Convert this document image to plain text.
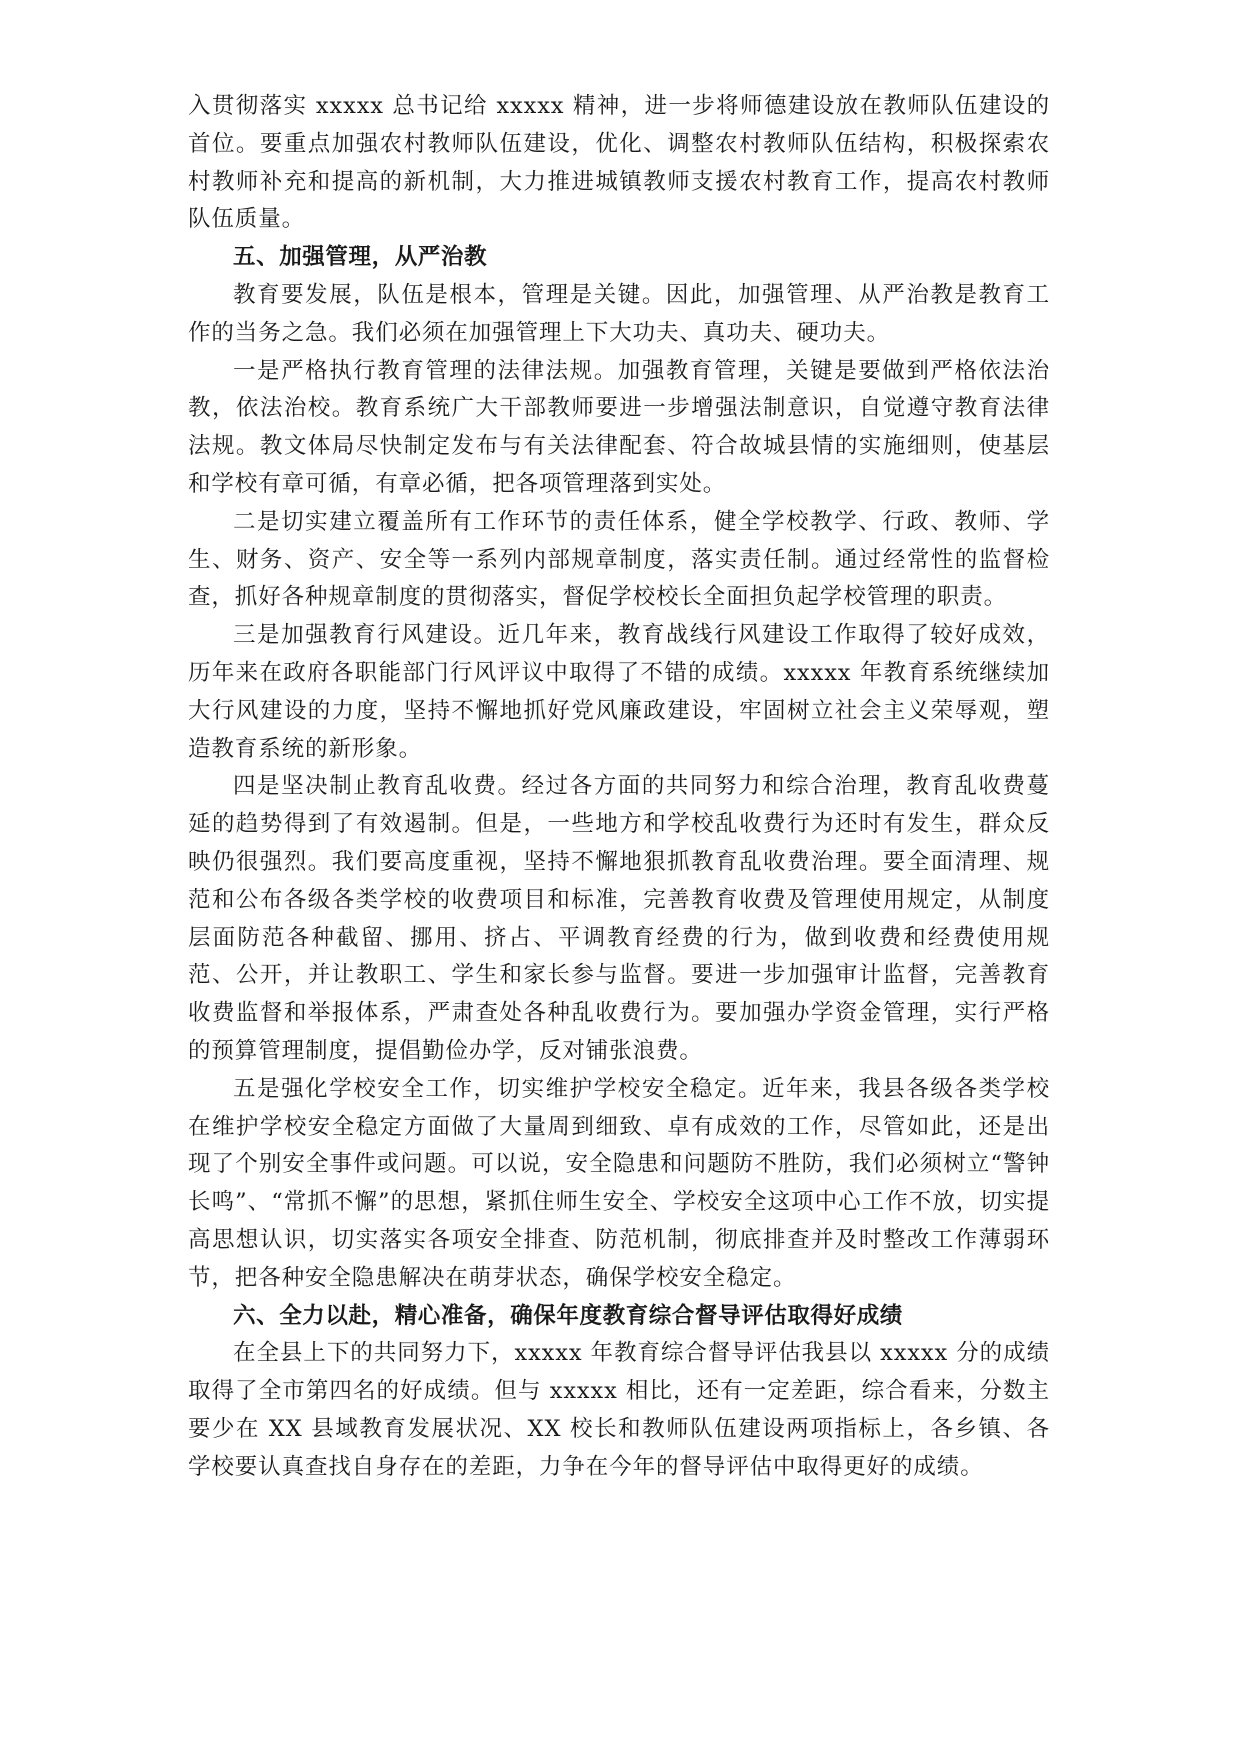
入贯彻落实 xxxxx 总书记给 xxxxx 精神，进一步将师德建设放在教师队伍建设的首位。要重点加强农村教师队伍建设，优化、调整农村教师队伍结构，积极探索农村教师补充和提高的新机制，大力推进城镇教师支援农村教育工作，提高农村教师队伍质量。

五、加强管理，从严治教

教育要发展，队伍是根本，管理是关键。因此，加强管理、从严治教是教育工作的当务之急。我们必须在加强管理上下大功夫、真功夫、硬功夫。

一是严格执行教育管理的法律法规。加强教育管理，关键是要做到严格依法治教，依法治校。教育系统广大干部教师要进一步增强法制意识，自觉遵守教育法律法规。教文体局尽快制定发布与有关法律配套、符合故城县情的实施细则，使基层和学校有章可循，有章必循，把各项管理落到实处。

二是切实建立覆盖所有工作环节的责任体系，健全学校教学、行政、教师、学生、财务、资产、安全等一系列内部规章制度，落实责任制。通过经常性的监督检查，抓好各种规章制度的贯彻落实，督促学校校长全面担负起学校管理的职责。

三是加强教育行风建设。近几年来，教育战线行风建设工作取得了较好成效，历年来在政府各职能部门行风评议中取得了不错的成绩。xxxxx 年教育系统继续加大行风建设的力度，坚持不懈地抓好党风廉政建设，牢固树立社会主义荣辱观，塑造教育系统的新形象。

四是坚决制止教育乱收费。经过各方面的共同努力和综合治理，教育乱收费蔓延的趋势得到了有效遏制。但是，一些地方和学校乱收费行为还时有发生，群众反映仍很强烈。我们要高度重视，坚持不懈地狠抓教育乱收费治理。要全面清理、规范和公布各级各类学校的收费项目和标准，完善教育收费及管理使用规定，从制度层面防范各种截留、挪用、挤占、平调教育经费的行为，做到收费和经费使用规范、公开，并让教职工、学生和家长参与监督。要进一步加强审计监督，完善教育收费监督和举报体系，严肃查处各种乱收费行为。要加强办学资金管理，实行严格的预算管理制度，提倡勤俭办学，反对铺张浪费。

五是强化学校安全工作，切实维护学校安全稳定。近年来，我县各级各类学校在维护学校安全稳定方面做了大量周到细致、卓有成效的工作，尽管如此，还是出现了个别安全事件或问题。可以说，安全隐患和问题防不胜防，我们必须树立“警钟长鸣”、“常抓不懈”的思想，紧抓住师生安全、学校安全这项中心工作不放，切实提高思想认识，切实落实各项安全排查、防范机制，彻底排查并及时整改工作薄弱环节，把各种安全隐患解决在萌芽状态，确保学校安全稳定。

六、全力以赴，精心准备，确保年度教育综合督导评估取得好成绩

在全县上下的共同努力下，xxxxx 年教育综合督导评估我县以 xxxxx 分的成绩取得了全市第四名的好成绩。但与 xxxxx 相比，还有一定差距，综合看来，分数主要少在 XX 县域教育发展状况、XX 校长和教师队伍建设两项指标上，各乡镇、各学校要认真查找自身存在的差距，力争在今年的督导评估中取得更好的成绩。
